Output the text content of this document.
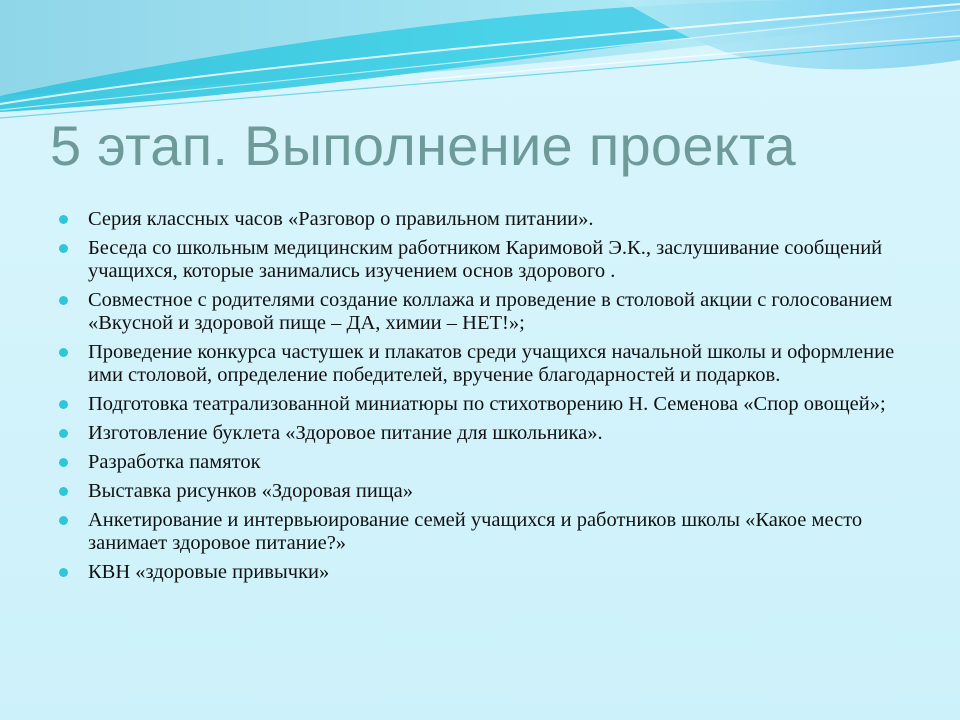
5 этап. Выполнение проекта
Серия классных часов «Разговор о правильном питании».
Беседа со школьным медицинским работником Каримовой Э.К., заслушивание сообщений учащихся, которые занимались изучением основ здорового .
Совместное с родителями создание коллажа и проведение в столовой акции с голосованием «Вкусной и здоровой пище – ДА, химии – НЕТ!»;
Проведение конкурса частушек и плакатов среди учащихся начальной школы и оформление ими столовой, определение победителей, вручение благодарностей и подарков.
Подготовка театрализованной миниатюры по стихотворению Н. Семенова «Спор овощей»;
Изготовление буклета «Здоровое питание для школьника».
Разработка памяток
Выставка рисунков «Здоровая пища»
Анкетирование и интервьюирование семей учащихся и работников школы «Какое место занимает здоровое питание?»
КВН «здоровые привычки»
